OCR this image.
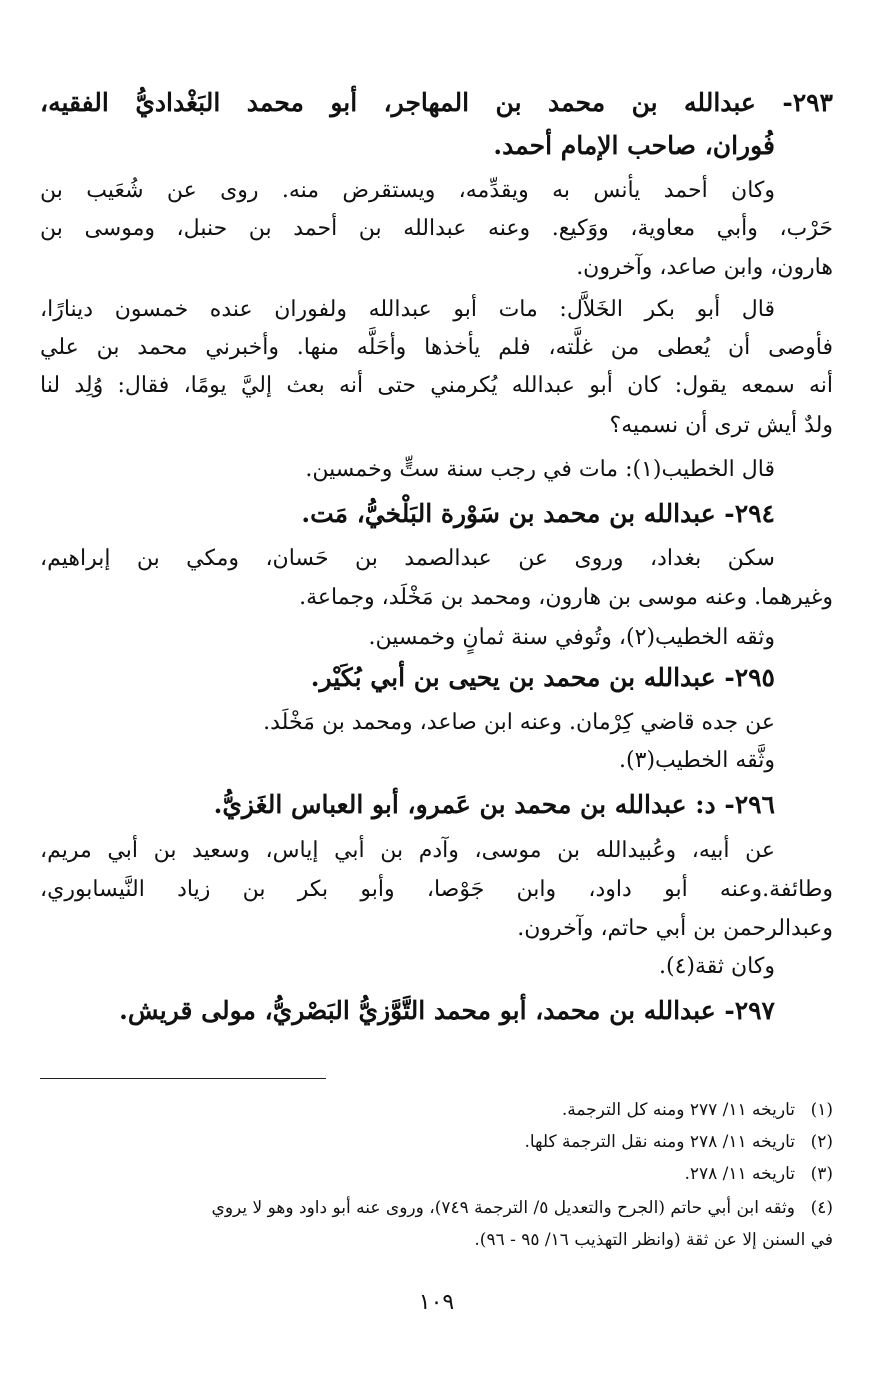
٢٩٣- عبدالله بن محمد بن المهاجر، أبو محمد البَغْداديُّ الفقيه،
فُوران، صاحب الإمام أحمد.
وكان أحمد يأنس به ويقدِّمه، ويستقرض منه. روى عن شُعَيب بن
حَرْب، وأبي معاوية، ووَكيع. وعنه عبدالله بن أحمد بن حنبل، وموسى بن
هارون، وابن صاعد، وآخرون.
قال أبو بكر الخَلاَّل: مات أبو عبدالله ولفوران عنده خمسون دينارًا،
فأوصى أن يُعطى من غلَّته، فلم يأخذها وأحَلَّه منها. وأخبرني محمد بن علي
أنه سمعه يقول: كان أبو عبدالله يُكرمني حتى أنه بعث إليَّ يومًا، فقال: وُلِد لنا
ولدٌ أيش ترى أن نسميه؟
قال الخطيب(١): مات في رجب سنة ستٍّ وخمسين.
٢٩٤- عبدالله بن محمد بن سَوْرة البَلْخيُّ، مَت.
سكن بغداد، وروى عن عبدالصمد بن حَسان، ومكي بن إبراهيم،
وغيرهما. وعنه موسى بن هارون، ومحمد بن مَخْلَد، وجماعة.
وثقه الخطيب(٢)، وتُوفي سنة ثمانٍ وخمسين.
٢٩٥- عبدالله بن محمد بن يحيى بن أبي بُكَيْر.
عن جده قاضي كِرْمان. وعنه ابن صاعد، ومحمد بن مَخْلَد.
وثَّقه الخطيب(٣).
٢٩٦- د: عبدالله بن محمد بن عَمرو، أبو العباس الغَزيُّ.
عن أبيه، وعُبيدالله بن موسى، وآدم بن أبي إياس، وسعيد بن أبي مريم،
وطائفة.وعنه أبو داود، وابن جَوْصا، وأبو بكر بن زياد النَّيسابوري،
وعبدالرحمن بن أبي حاتم، وآخرون.
وكان ثقة(٤).
٢٩٧- عبدالله بن محمد، أبو محمد التَّوَّزيُّ البَصْريُّ، مولى قريش.
(١)تاريخه ١١/ ٢٧٧ ومنه كل الترجمة.
(٢)تاريخه ١١/ ٢٧٨ ومنه نقل الترجمة كلها.
(٣)تاريخه ١١/ ٢٧٨.
(٤)وثقه ابن أبي حاتم (الجرح والتعديل ٥/ الترجمة ٧٤٩)، وروى عنه أبو داود وهو لا يروي
في السنن إلا عن ثقة (وانظر التهذيب ١٦/ ٩٥ - ٩٦).
١٠٩
